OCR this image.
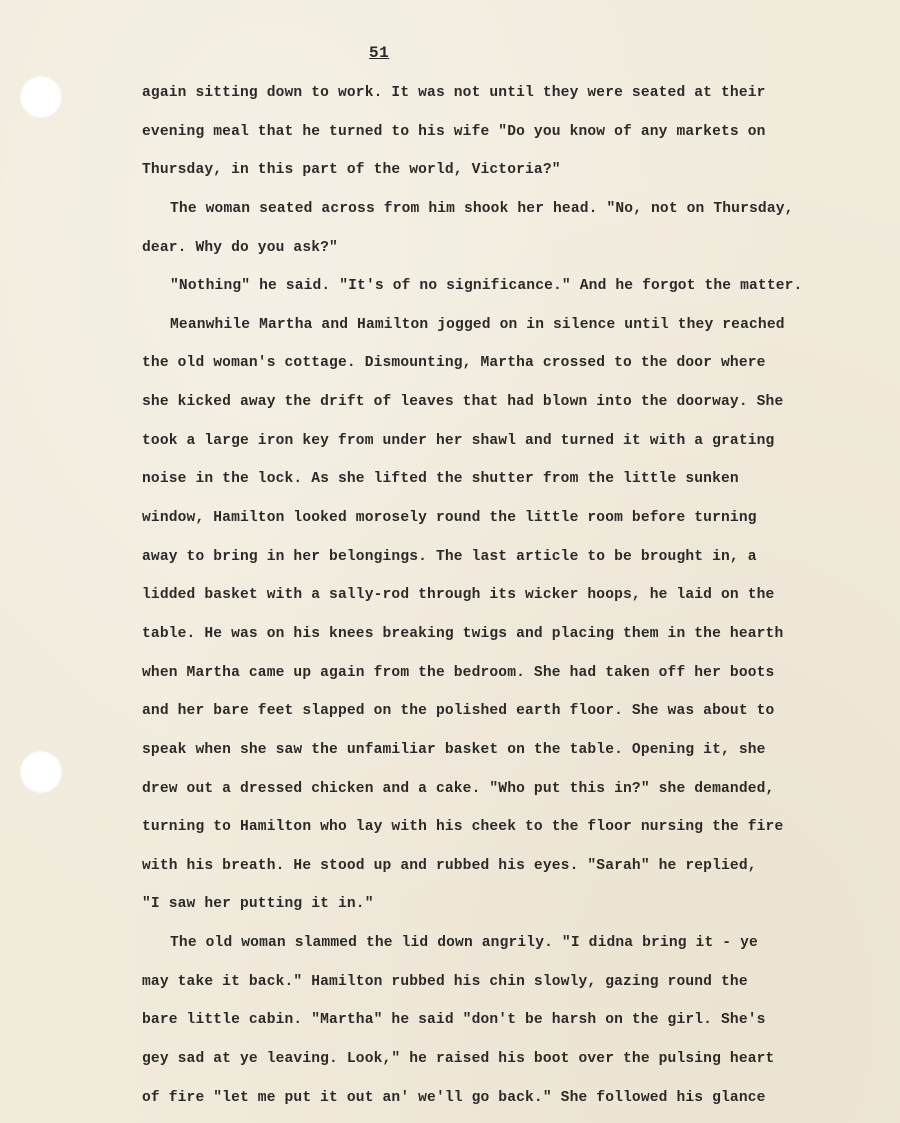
51
again sitting down to work. It was not until they were seated at their
evening meal that he turned to his wife "Do you know of any markets on
Thursday, in this part of the world, Victoria?"
The woman seated across from him shook her head. "No, not on Thursday,
dear. Why do you ask?"
"Nothing" he said. "It's of no significance." And he forgot the matter.
Meanwhile Martha and Hamilton jogged on in silence until they reached
the old woman's cottage. Dismounting, Martha crossed to the door where
she kicked away the drift of leaves that had blown into the doorway. She
took a large iron key from under her shawl and turned it with a grating
noise in the lock. As she lifted the shutter from the little sunken
window, Hamilton looked morosely round the little room before turning
away to bring in her belongings. The last article to be brought in, a
lidded basket with a sally-rod through its wicker hoops, he laid on the
table. He was on his knees breaking twigs and placing them in the hearth
when Martha came up again from the bedroom. She had taken off her boots
and her bare feet slapped on the polished earth floor. She was about to
speak when she saw the unfamiliar basket on the table. Opening it, she
drew out a dressed chicken and a cake. "Who put this in?" she demanded,
turning to Hamilton who lay with his cheek to the floor nursing the fire
with his breath. He stood up and rubbed his eyes. "Sarah" he replied,
"I saw her putting it in."
The old woman slammed the lid down angrily. "I didna bring it - ye
may take it back." Hamilton rubbed his chin slowly, gazing round the
bare little cabin. "Martha" he said "don't be harsh on the girl. She's
gey sad at ye leaving. Look," he raised his boot over the pulsing heart
of fire "let me put it out an' we'll go back." She followed his glance
